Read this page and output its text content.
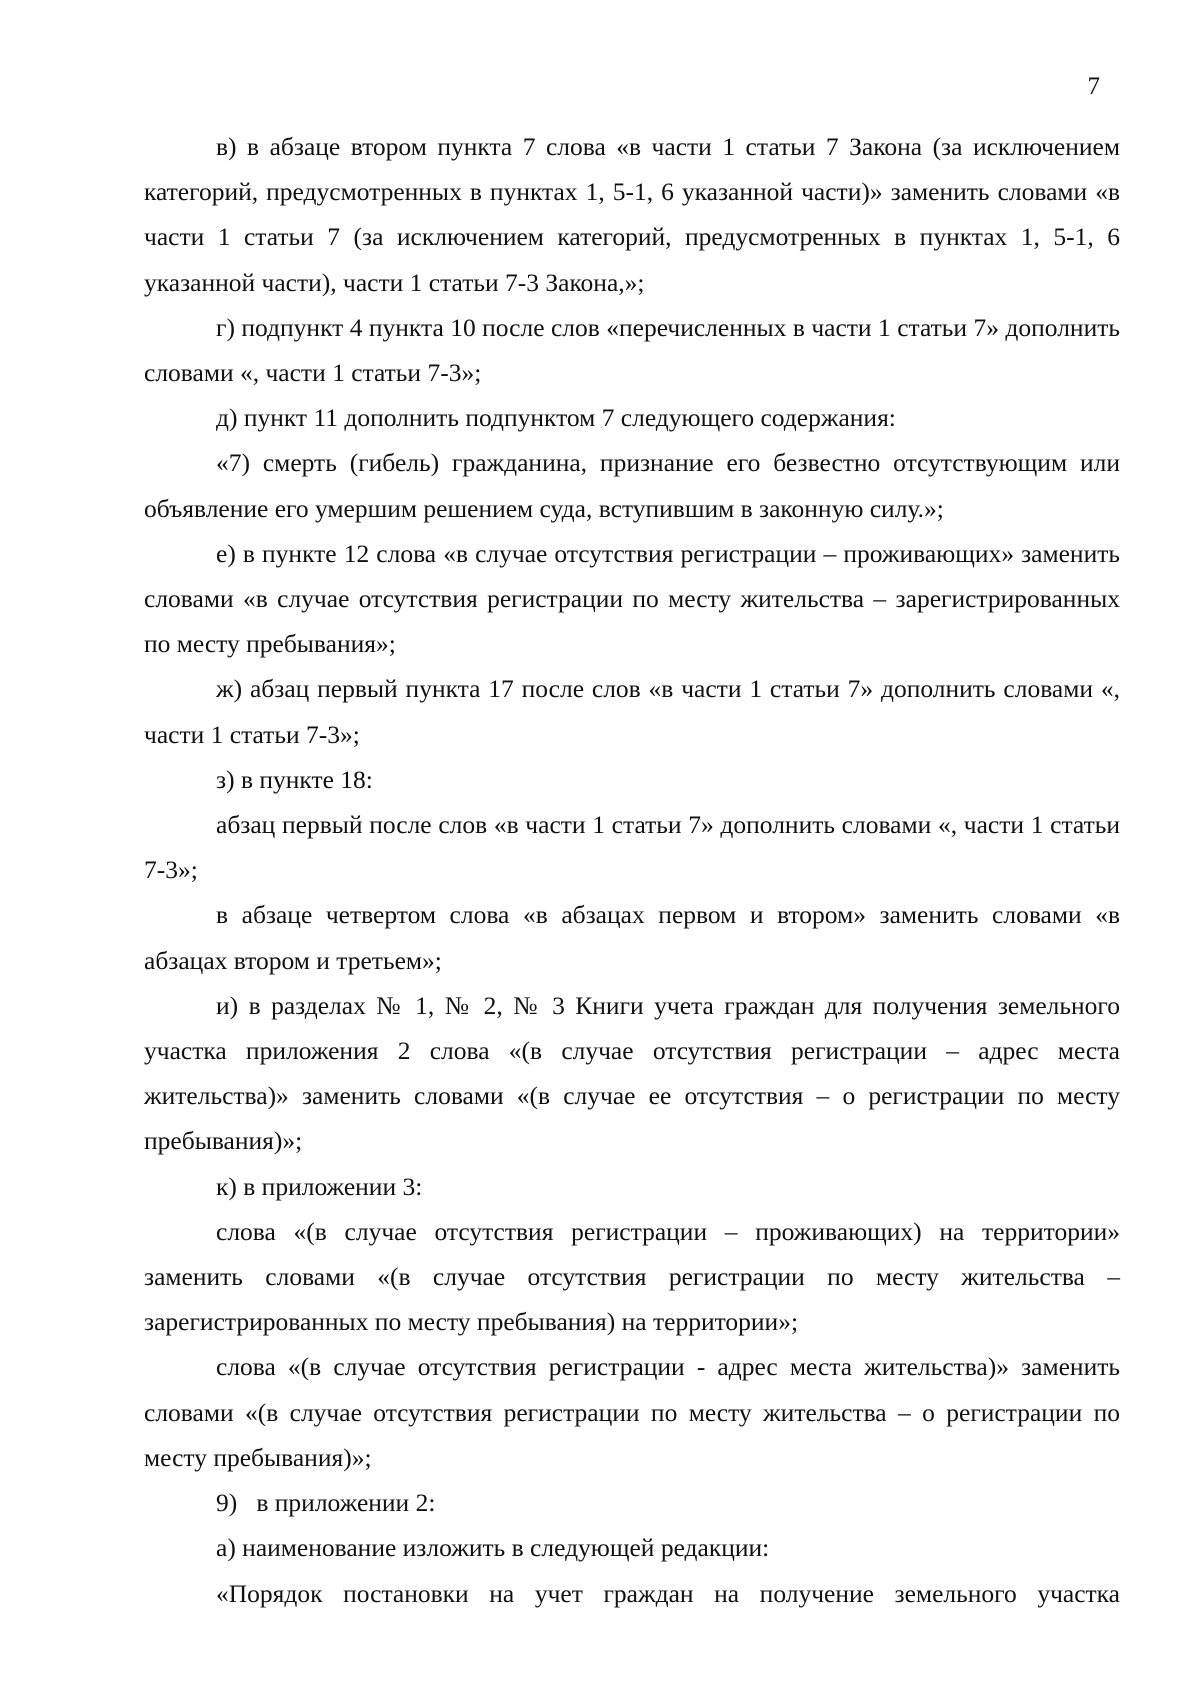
7

в) в абзаце втором пункта 7 слова «в части 1 статьи 7 Закона (за исключением категорий, предусмотренных в пунктах 1, 5-1, 6 указанной части)» заменить словами «в части 1 статьи 7 (за исключением категорий, предусмотренных в пунктах 1, 5-1, 6 указанной части), части 1 статьи 7-3 Закона,»;

г) подпункт 4 пункта 10 после слов «перечисленных в части 1 статьи 7» дополнить словами «, части 1 статьи 7-3»;

д) пункт 11 дополнить подпунктом 7 следующего содержания:

«7) смерть (гибель) гражданина, признание его безвестно отсутствующим или объявление его умершим решением суда, вступившим в законную силу.»;

е) в пункте 12 слова «в случае отсутствия регистрации – проживающих» заменить словами «в случае отсутствия регистрации по месту жительства – зарегистрированных по месту пребывания»;

ж) абзац первый пункта 17 после слов «в части 1 статьи 7» дополнить словами «, части 1 статьи 7-3»;

з) в пункте 18:

абзац первый после слов «в части 1 статьи 7» дополнить словами «, части 1 статьи 7-3»;

в абзаце четвертом слова «в абзацах первом и втором» заменить словами «в абзацах втором и третьем»;

и) в разделах № 1, № 2, № 3 Книги учета граждан для получения земельного участка приложения 2 слова «(в случае отсутствия регистрации – адрес места жительства)» заменить словами «(в случае ее отсутствия – о регистрации по месту пребывания)»;

к) в приложении 3:

слова «(в случае отсутствия регистрации – проживающих) на территории» заменить словами «(в случае отсутствия регистрации по месту жительства – зарегистрированных по месту пребывания) на территории»;

слова «(в случае отсутствия регистрации - адрес места жительства)» заменить словами «(в случае отсутствия регистрации по месту жительства – о регистрации по месту пребывания)»;

9)   в приложении 2:

а) наименование изложить в следующей редакции:

«Порядок постановки на учет граждан на получение земельного участка
